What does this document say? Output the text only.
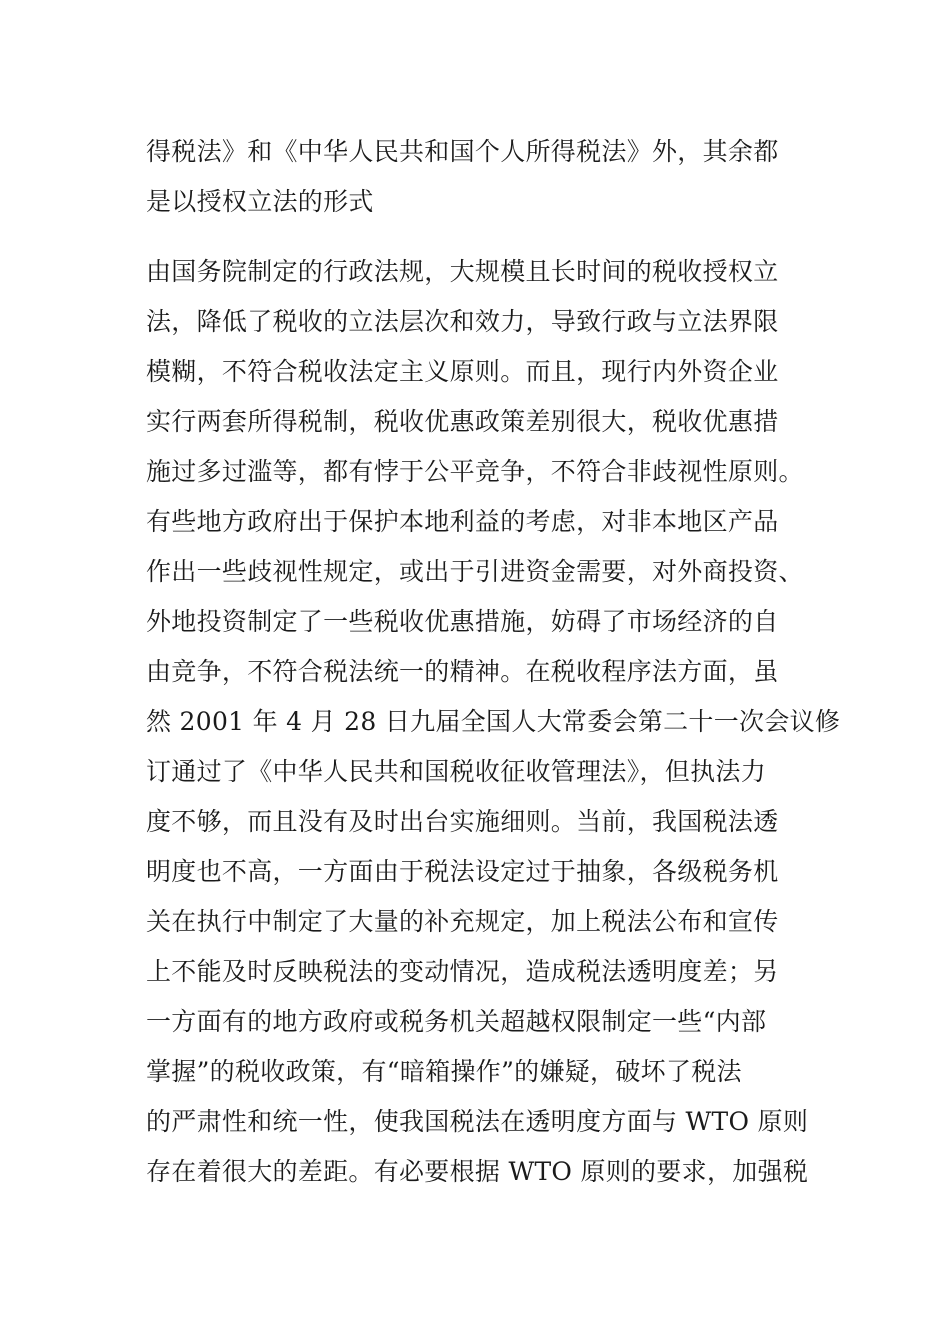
得税法》和《中华人民共和国个人所得税法》外，其余都
是以授权立法的形式

由国务院制定的行政法规，大规模且长时间的税收授权立
法，降低了税收的立法层次和效力，导致行政与立法界限
模糊，不符合税收法定主义原则。而且，现行内外资企业
实行两套所得税制，税收优惠政策差别很大，税收优惠措
施过多过滥等，都有悖于公平竞争，不符合非歧视性原则。
有些地方政府出于保护本地利益的考虑，对非本地区产品
作出一些歧视性规定，或出于引进资金需要，对外商投资、
外地投资制定了一些税收优惠措施，妨碍了市场经济的自
由竞争，不符合税法统一的精神。在税收程序法方面，虽
然 2001 年 4 月 28 日九届全国人大常委会第二十一次会议修
订通过了《中华人民共和国税收征收管理法》，但执法力
度不够，而且没有及时出台实施细则。当前，我国税法透
明度也不高，一方面由于税法设定过于抽象，各级税务机
关在执行中制定了大量的补充规定，加上税法公布和宣传
上不能及时反映税法的变动情况，造成税法透明度差；另
一方面有的地方政府或税务机关超越权限制定一些“内部
掌握”的税收政策，有“暗箱操作”的嫌疑，破坏了税法
的严肃性和统一性，使我国税法在透明度方面与 WTO 原则
存在着很大的差距。有必要根据 WTO 原则的要求，加强税
